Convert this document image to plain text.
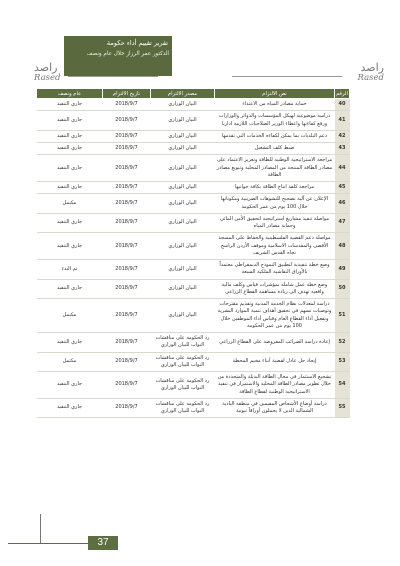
تقرير تقييم أداء حكومة
الدكتور عمر الرزاز خلال عام ونصف
راصد
Rased
راصد
Rased
الرقم	نص الالتزام	مصدر الالتزام	تاريخ الالتزام	عام ونصف
40	حماية مصادر المياه من الاعتداء	البيان الوزاري	2018/9/7	جاري التنفيذ
41	دراسة موضوعية لهيكل المؤسسات والدوائر والوزارات ورفع كفاءتها واعطاء الوزير الصلاحيات اللازمة اداريا	البيان الوزاري	2018/9/7	جاري التنفيذ
42	دعم البلديات بما يمكن لكفاءة الخدمات التي تقدمها	البيان الوزاري	2018/9/7	جاري التنفيذ
43	ضبط كلف التشغيل	البيان الوزاري	2018/9/7	جاري التنفيذ
44	مراجعة الاستراتيجية الوطنية للطاقة وتعزيز الاعتماد على مصادر الطاقة المنتجة من المصادر المحلية وتنويع مصادر الطاقة	البيان الوزاري	2018/9/7	جاري التنفيذ
45	مراجعة كلفة انتاج الطاقة بكافة جوانبها	البيان الوزاري	2018/9/7	جاري التنفيذ
46	الإعلان عن آلية تصحيح للتشوهات الضريبية ومكوناتها خلال 100 يوم من عمر الحكومة	البيان الوزاري	2018/9/7	مكتمل
47	مواصلة تنفيذ مشاريع استراتيجية لتحقيق الأمن المائي وحماية مصادر المياه	البيان الوزاري	2018/9/7	جاري التنفيذ
48	مواصلة دعم القضية الفلسطينية والحفاظ على المسجد الأقصى والمقدسات الاسلامية وموقف الأردن الراسخ تجاه القدس الشريف	البيان الوزاري	2018/9/7	جاري التنفيذ
49	وضع خطة تنفيذية لتطبيق النموذج الديمقراطي معتمداً بالأوراق النقاشية الملكية السبعة	البيان الوزاري	2018/9/7	تم البدء
50	وضع خطة عمل شاملة بمؤشرات قياس وكلف مالية واقعية تهدف الى زيادة مساهمة القطاع الزراعي	البيان الوزاري	2018/9/7	جاري التنفيذ
51	دراسة لمعدلات نظام الخدمة المدنية وتقديم مقترحات وتوصيات تسهم في تحقيق أهداف تنمية الموارد البشرية وتفعيل أداء القطاع العام وقياس أداء الموظفين خلال 100 يوم من عمر الحكومة	البيان الوزاري	2018/9/7	مكتمل
52	إعادة دراسة الضرائب المفروضة على القطاع الزراعي	رد الحكومة على مناقشات النواب للبيان الوزاري	2018/9/7	جاري التنفيذ
53	إيجاد حل عادل لقضية أبناء مخيم المحطة	رد الحكومة على مناقشات النواب للبيان الوزاري	2018/9/7	مكتمل
54	تشجيع الاستثمار في مجال الطاقة البديلة والمتجددة من خلال تطوير مصادر الطاقة المحلية والاستمرار في تنفيذ الاستراتيجية الوطنية لقطاع الطاقة	رد الحكومة على مناقشات النواب للبيان الوزاري	2018/9/7	جاري التنفيذ
55	دراسة أوضاع الأشخاص المقيمين في منطقة البادية الشمالية الذين لا يحملون أوراقاً ثبوتية	رد الحكومة على مناقشات النواب للبيان الوزاري	2018/9/7	جاري التنفيذ
37
